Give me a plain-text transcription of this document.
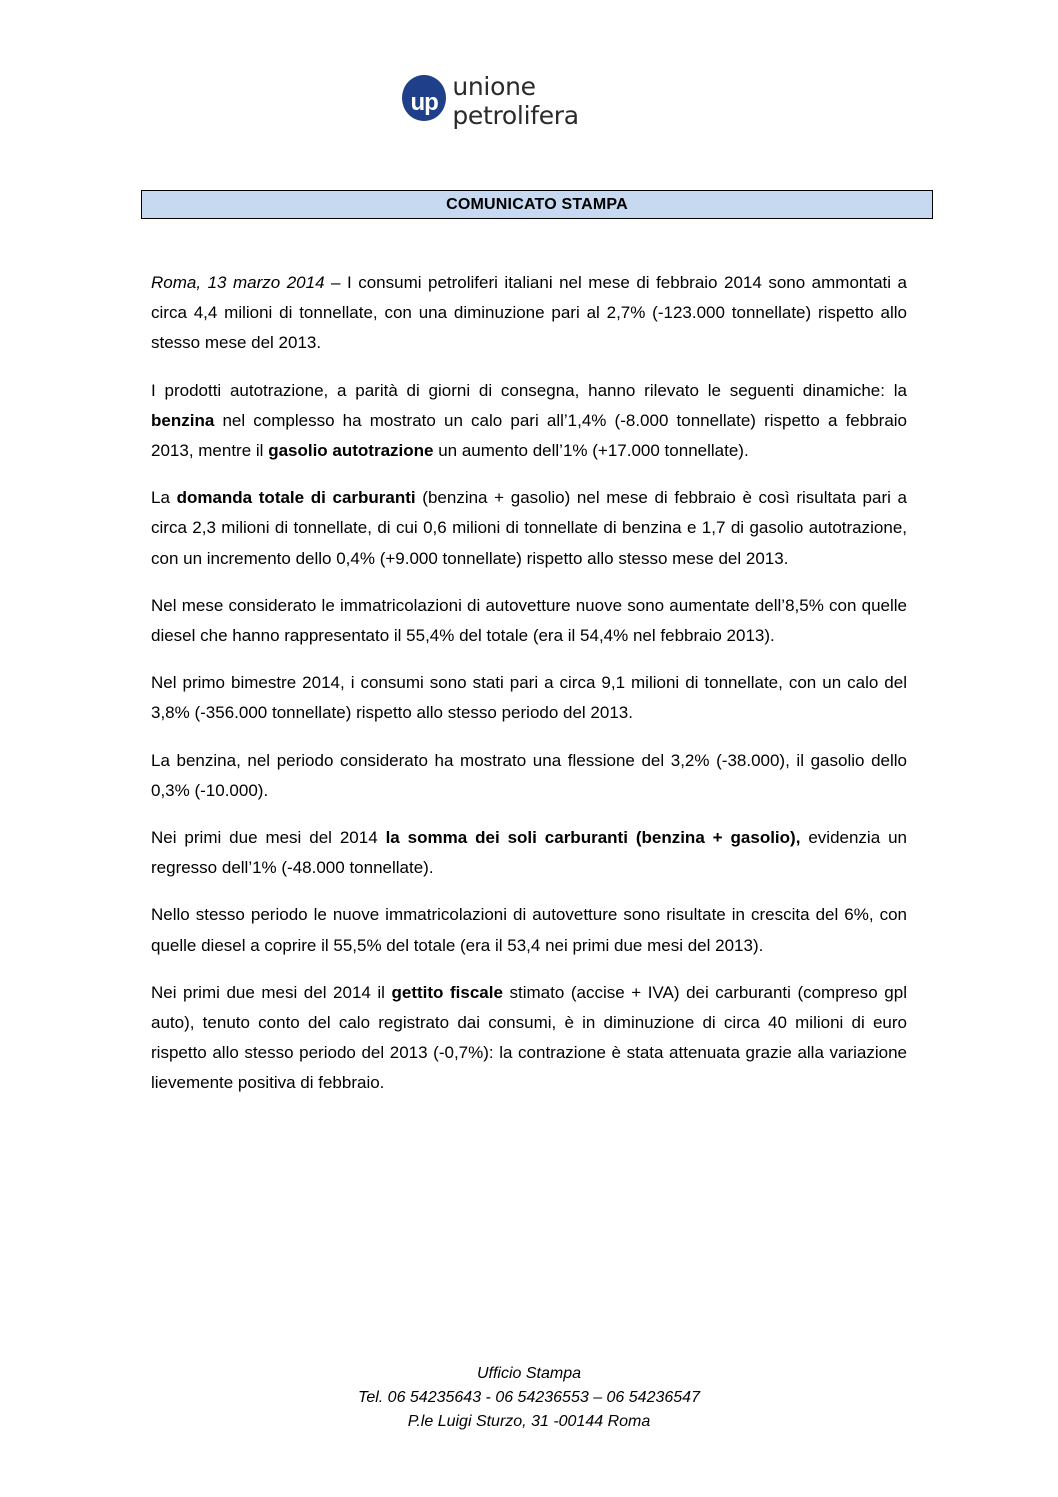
up
unione petrolifera
COMUNICATO STAMPA

Roma, 13 marzo 2014 – I consumi petroliferi italiani nel mese di febbraio 2014 sono ammontati a circa 4,4 milioni di tonnellate, con una diminuzione pari al 2,7% (-123.000 tonnellate) rispetto allo stesso mese del 2013.

I prodotti autotrazione, a parità di giorni di consegna, hanno rilevato le seguenti dinamiche: la benzina nel complesso ha mostrato un calo pari all’1,4% (-8.000 tonnellate) rispetto a febbraio 2013, mentre il gasolio autotrazione un aumento dell’1% (+17.000 tonnellate).

La domanda totale di carburanti (benzina + gasolio) nel mese di febbraio è così risultata pari a circa 2,3 milioni di tonnellate, di cui 0,6 milioni di tonnellate di benzina e 1,7 di gasolio autotrazione, con un incremento dello 0,4% (+9.000 tonnellate) rispetto allo stesso mese del 2013.

Nel mese considerato le immatricolazioni di autovetture nuove sono aumentate dell’8,5% con quelle diesel che hanno rappresentato il 55,4% del totale (era il 54,4% nel febbraio 2013).

Nel primo bimestre 2014, i consumi sono stati pari a circa 9,1 milioni di tonnellate, con un calo del 3,8% (-356.000 tonnellate) rispetto allo stesso periodo del 2013.

La benzina, nel periodo considerato ha mostrato una flessione del 3,2% (-38.000), il gasolio dello 0,3% (-10.000).

Nei primi due mesi del 2014 la somma dei soli carburanti (benzina + gasolio), evidenzia un regresso dell’1% (-48.000 tonnellate).

Nello stesso periodo le nuove immatricolazioni di autovetture sono risultate in crescita del 6%, con quelle diesel a coprire il 55,5% del totale (era il 53,4 nei primi due mesi del 2013).

Nei primi due mesi del 2014 il gettito fiscale stimato (accise + IVA) dei carburanti (compreso gpl auto), tenuto conto del calo registrato dai consumi, è in diminuzione di circa 40 milioni di euro rispetto allo stesso periodo del 2013 (-0,7%): la contrazione è stata attenuata grazie alla variazione lievemente positiva di febbraio.

Ufficio Stampa
Tel. 06 54235643 - 06 54236553 – 06 54236547
P.le Luigi Sturzo, 31 -00144 Roma
